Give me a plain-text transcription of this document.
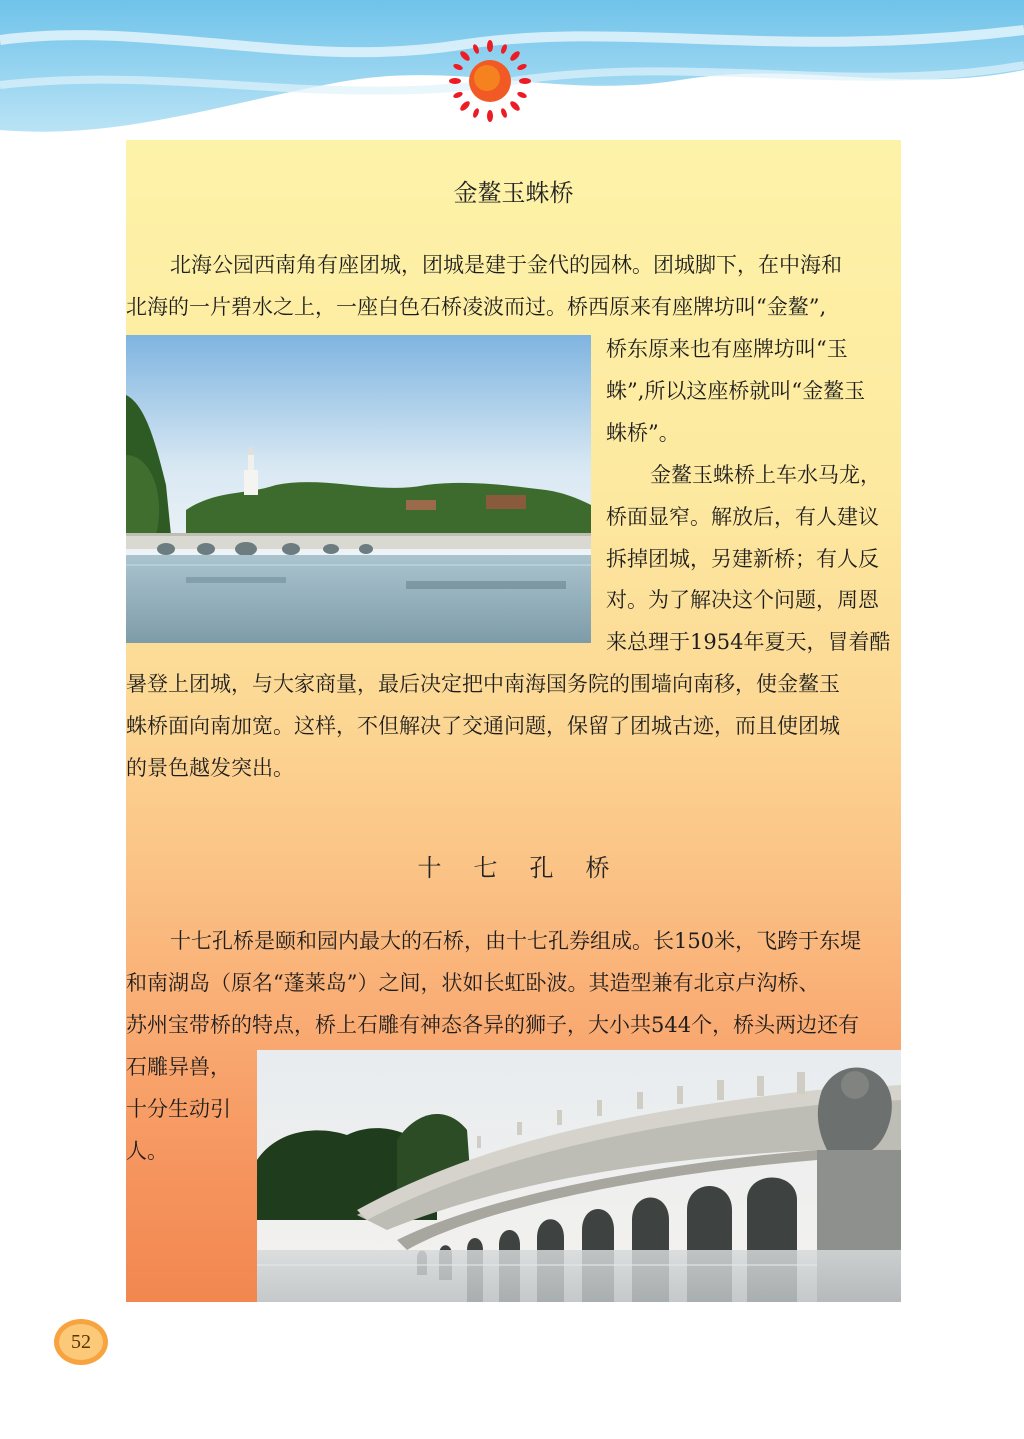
金鳌玉蛛桥

北海公园西南角有座团城，团城是建于金代的园林。团城脚下，在中海和

北海的一片碧水之上，一座白色石桥凌波而过。桥西原来有座牌坊叫“金鳌”,

桥东原来也有座牌坊叫“玉

蛛”,所以这座桥就叫“金鳌玉

蛛桥”。

金鳌玉蛛桥上车水马龙，

桥面显窄。解放后，有人建议

拆掉团城，另建新桥；有人反

对。为了解决这个问题，周恩

来总理于1954年夏天，冒着酷

暑登上团城，与大家商量，最后决定把中南海国务院的围墙向南移，使金鳌玉

蛛桥面向南加宽。这样，不但解决了交通问题，保留了团城古迹，而且使团城

的景色越发突出。

十七孔桥

十七孔桥是颐和园内最大的石桥，由十七孔券组成。长150米，飞跨于东堤

和南湖岛（原名“蓬莱岛”）之间，状如长虹卧波。其造型兼有北京卢沟桥、

苏州宝带桥的特点，桥上石雕有神态各异的狮子，大小共544个，桥头两边还有

石雕异兽，

十分生动引

人。

52
